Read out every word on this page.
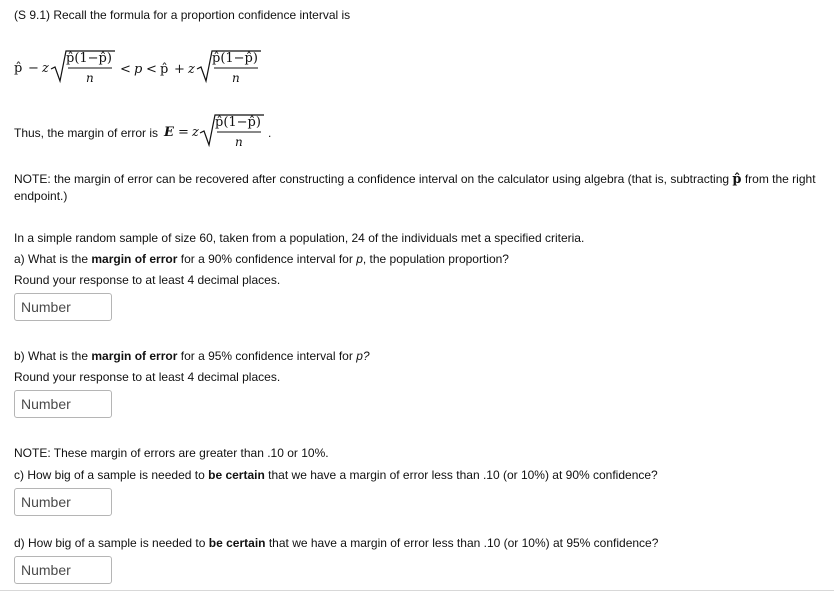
(S 9.1) Recall the formula for a proportion confidence interval is
p̂ − z
p̂(1−p̂)
n
< p < p̂ + z
p̂(1−p̂)
n
Thus, the margin of error is E = z
p̂(1−p̂)
n
.
NOTE: the margin of error can be recovered after constructing a confidence interval on the calculator using algebra (that is, subtracting p̂ from the right endpoint.)
In a simple random sample of size 60, taken from a population, 24 of the individuals met a specified criteria.
a) What is the margin of error for a 90% confidence interval for p, the population proportion?
Round your response to at least 4 decimal places.
Number
b) What is the margin of error for a 95% confidence interval for p?
Round your response to at least 4 decimal places.
Number
NOTE: These margin of errors are greater than .10 or 10%.
c) How big of a sample is needed to be certain that we have a margin of error less than .10 (or 10%) at 90% confidence?
Number
d) How big of a sample is needed to be certain that we have a margin of error less than .10 (or 10%) at 95% confidence?
Number
